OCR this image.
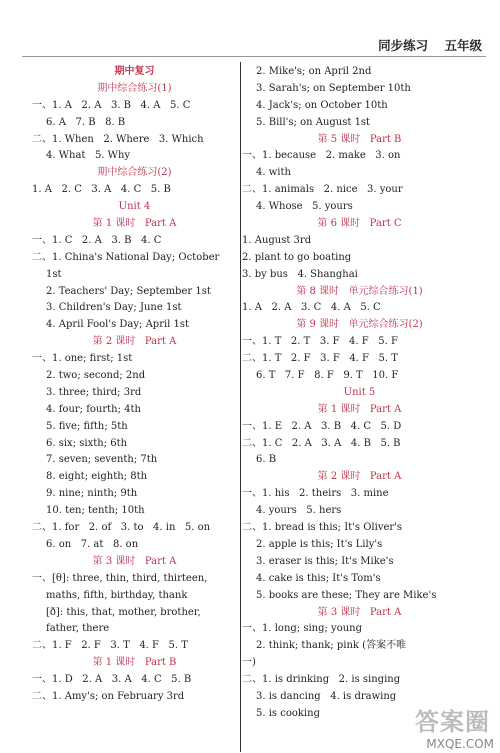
同步练习 五年级
期中复习
期中综合练习(1)
一、1. A   2. A   3. B   4. A   5. C
6. A   7. B   8. B
二、1. When   2. Where   3. Which
4. What   5. Why
期中综合练习(2)
1. A   2. C   3. A   4. C   5. B
Unit 4
第 1 课时   Part A
一、1. C   2. A   3. B   4. C
二、1. China's National Day; October
1st
2. Teachers' Day; September 1st
3. Children's Day; June 1st
4. April Fool's Day; April 1st
第 2 课时   Part A
一、1. one; first; 1st
2. two; second; 2nd
3. three; third; 3rd
4. four; fourth; 4th
5. five; fifth; 5th
6. six; sixth; 6th
7. seven; seventh; 7th
8. eight; eighth; 8th
9. nine; ninth; 9th
10. ten; tenth; 10th
二、1. for   2. of   3. to   4. in   5. on
6. on   7. at   8. on
第 3 课时   Part A
一、[θ]: three, thin, third, thirteen,
maths, fifth, birthday, thank
[ð]: this, that, mother, brother,
father, there
二、1. F   2. F   3. T   4. F   5. T
第 1 课时   Part B
一、1. D   2. A   3. A   4. C   5. B
二、1. Amy's; on February 3rd
2. Mike's; on April 2nd
3. Sarah's; on September 10th
4. Jack's; on October 10th
5. Bill's; on August 1st
第 5 课时   Part B
一、1. because   2. make   3. on
4. with
二、1. animals   2. nice   3. your
4. Whose   5. yours
第 6 课时   Part C
1. August 3rd
2. plant to go boating
3. by bus   4. Shanghai
第 8 课时   单元综合练习(1)
1. A   2. A   3. C   4. A   5. C
第 9 课时   单元综合练习(2)
一、1. T   2. T   3. F   4. F   5. F
二、1. T   2. F   3. F   4. F   5. T
6. T   7. F   8. F   9. T   10. F
Unit 5
第 1 课时   Part A
一、1. E   2. A   3. B   4. C   5. D
二、1. C   2. A   3. A   4. B   5. B
6. B
第 2 课时   Part A
一、1. his   2. theirs   3. mine
4. yours   5. hers
二、1. bread is this; It's Oliver's
2. apple is this; It's Lily's
3. eraser is this; It's Mike's
4. cake is this; It's Tom's
5. books are these; They are Mike's
第 3 课时   Part A
一、1. long; sing; young
2. think; thank; pink (答案不唯
一)
二、1. is drinking   2. is singing
3. is dancing   4. is drawing
5. is cooking	答案圈
MXQE.COM
